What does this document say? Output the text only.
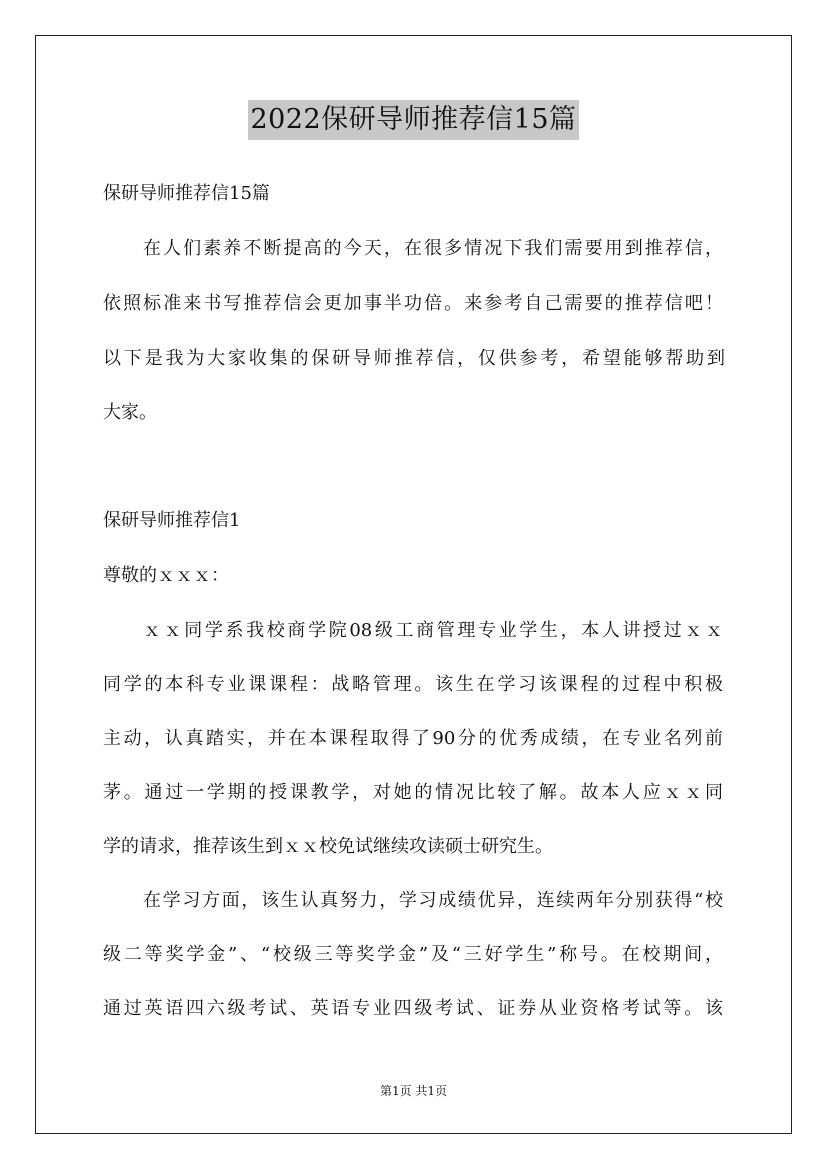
2022保研导师推荐信15篇
保研导师推荐信15篇
在人们素养不断提高的今天，在很多情况下我们需要用到推荐信，
依照标准来书写推荐信会更加事半功倍。来参考自己需要的推荐信吧！
以下是我为大家收集的保研导师推荐信，仅供参考，希望能够帮助到
大家。
保研导师推荐信1
尊敬的ｘｘｘ：
ｘｘ同学系我校商学院08级工商管理专业学生，本人讲授过ｘｘ
同学的本科专业课课程：战略管理。该生在学习该课程的过程中积极
主动，认真踏实，并在本课程取得了90分的优秀成绩，在专业名列前
茅。通过一学期的授课教学，对她的情况比较了解。故本人应ｘｘ同
学的请求，推荐该生到ｘｘ校免试继续攻读硕士研究生。
在学习方面，该生认真努力，学习成绩优异，连续两年分别获得“校
级二等奖学金”、“校级三等奖学金”及“三好学生”称号。在校期间，
通过英语四六级考试、英语专业四级考试、证券从业资格考试等。该
第1页 共1页
